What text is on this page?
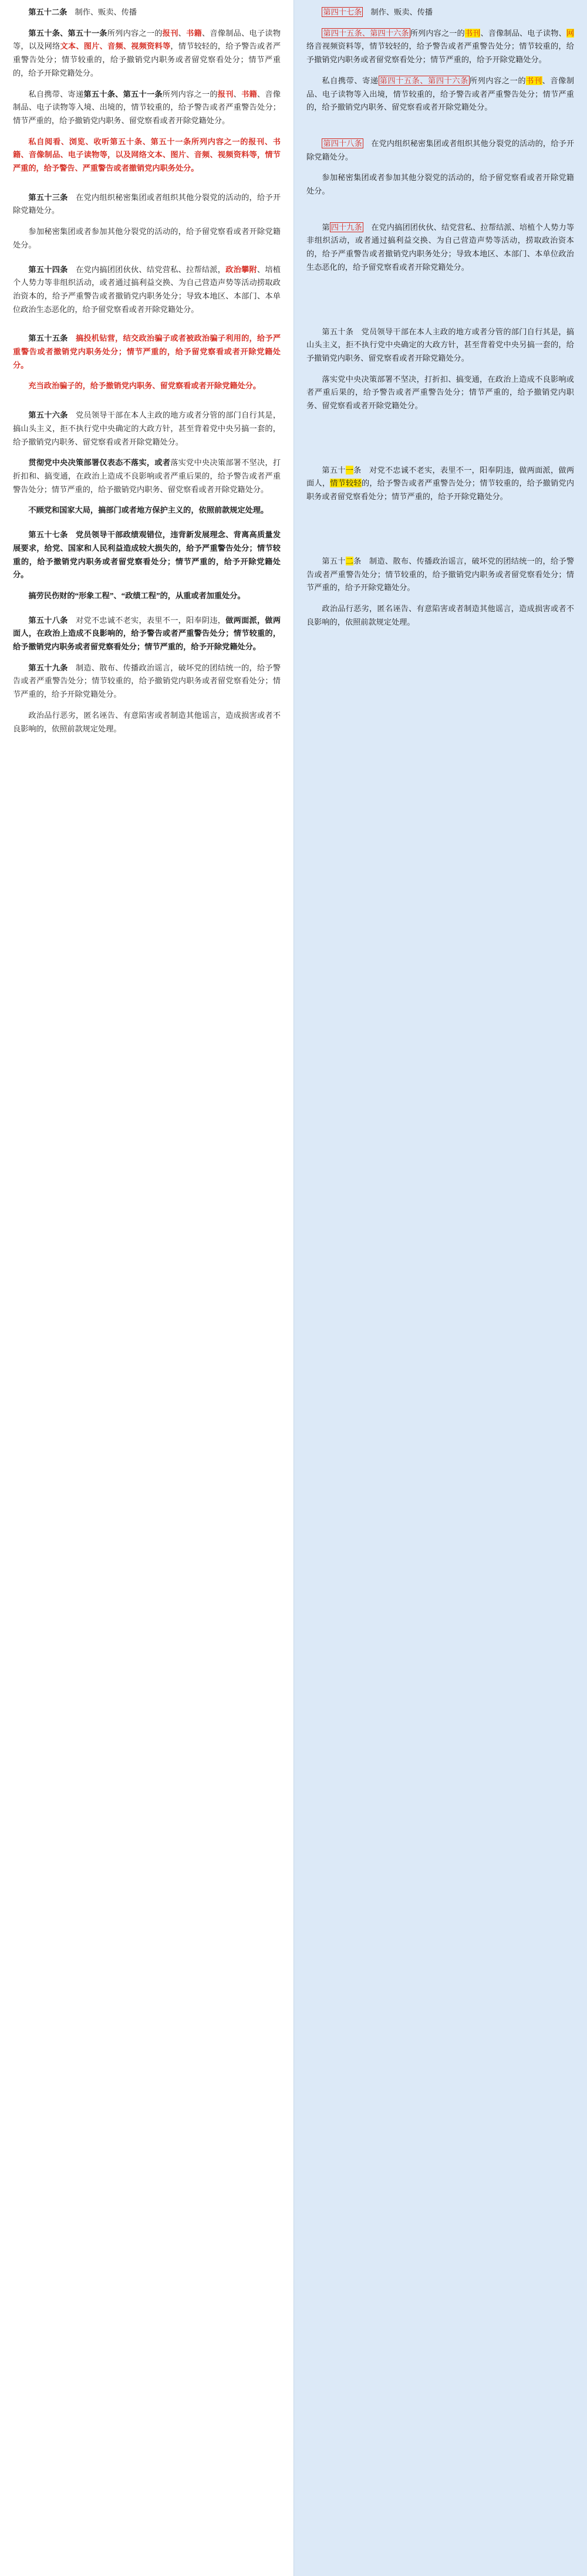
第五十二条　制作、贩卖、传播

第五十条、第五十一条所列内容之一的报刊、书籍、音像制品、电子读物等，以及网络文本、图片、音频、视频资料等，情节较轻的，给予警告或者严重警告处分；情节较重的，给予撤销党内职务或者留党察看处分；情节严重的，给予开除党籍处分。

私自携带、寄递第五十条、第五十一条所列内容之一的报刊、书籍、音像制品、电子读物等入境、出境的，情节较重的，给予警告或者严重警告处分；情节严重的，给予撤销党内职务、留党察看或者开除党籍处分。

私自阅看、浏览、收听第五十条、第五十一条所列内容之一的报刊、书籍、音像制品、电子读物等，以及网络文本、图片、音频、视频资料等，情节严重的，给予警告、严重警告或者撤销党内职务处分。

第五十三条　在党内组织秘密集团或者组织其他分裂党的活动的，给予开除党籍处分。

参加秘密集团或者参加其他分裂党的活动的，给予留党察看或者开除党籍处分。

第五十四条　在党内搞团团伙伙、结党营私、拉帮结派，政治攀附、培植个人势力等非组织活动，或者通过搞利益交换、为自己营造声势等活动捞取政治资本的，给予严重警告或者撤销党内职务处分；导致本地区、本部门、本单位政治生态恶化的，给予留党察看或者开除党籍处分。

第五十五条　搞投机钻营，结交政治骗子或者被政治骗子利用的，给予严重警告或者撤销党内职务处分；情节严重的，给予留党察看或者开除党籍处分。

充当政治骗子的，给予撤销党内职务、留党察看或者开除党籍处分。

第五十六条　党员领导干部在本人主政的地方或者分管的部门自行其是，搞山头主义，拒不执行党中央确定的大政方针，甚至背着党中央另搞一套的，给予撤销党内职务、留党察看或者开除党籍处分。

贯彻党中央决策部署仅表态不落实，或者落实党中央决策部署不坚决，打折扣和、搞变通，在政治上造成不良影响或者严重后果的，给予警告或者严重警告处分；情节严重的，给予撤销党内职务、留党察看或者开除党籍处分。

不顾党和国家大局，搞部门或者地方保护主义的，依照前款规定处理。

第五十七条　党员领导干部政绩观错位，违背新发展理念、背离高质量发展要求，给党、国家和人民利益造成较大损失的，给予严重警告处分；情节较重的，给予撤销党内职务或者留党察看处分；情节严重的，给予开除党籍处分。

搞劳民伤财的“形象工程”、“政绩工程”的，从重或者加重处分。

第五十八条　对党不忠诚不老实，表里不一，阳奉阴违，做两面派，做两面人，在政治上造成不良影响的，给予警告或者严重警告处分；情节较重的，给予撤销党内职务或者留党察看处分；情节严重的，给予开除党籍处分。

第五十九条　制造、散布、传播政治谣言，破坏党的团结统一的，给予警告或者严重警告处分；情节较重的，给予撤销党内职务或者留党察看处分；情节严重的，给予开除党籍处分。

政治品行恶劣，匿名诬告、有意陷害或者制造其他谣言，造成损害或者不良影响的，依照前款规定处理。

第四十七条　制作、贩卖、传播

第四十五条、第四十六条 所列内容之一的书刊、音像制品、电子读物、网络音视频资料等，情节较轻的，给予警告或者严重警告处分；情节较重的，给予撤销党内职务或者留党察看处分；情节严重的，给予开除党籍处分。

私自携带、寄递 第四十五条、第四十六条 所列内容之一的书刊、音像制品、电子读物等入出境，情节较重的，给予警告或者严重警告处分；情节严重的，给予撤销党内职务、留党察看或者开除党籍处分。

第四十八条　在党内组织秘密集团或者组织其他分裂党的活动的，给予开除党籍处分。

参加秘密集团或者参加其他分裂党的活动的，给予留党察看或者开除党籍处分。

第 四十九条　在党内搞团团伙伙、结党营私、拉帮结派、培植个人势力等非组织活动，或者通过搞利益交换、为自己营造声势等活动，捞取政治资本的，给予严重警告或者撤销党内职务处分；导致本地区、本部门、本单位政治生态恶化的，给予留党察看或者开除党籍处分。

第五十条　党员领导干部在本人主政的地方或者分管的部门自行其是，搞山头主义，拒不执行党中央确定的大政方针，甚至背着党中央另搞一套的，给予撤销党内职务、留党察看或者开除党籍处分。

落实党中央决策部署不坚决，打折扣、搞变通，在政治上造成不良影响或者严重后果的，给予警告或者严重警告处分；情节严重的，给予撤销党内职务、留党察看或者开除党籍处分。

第五十一条　对党不忠诚不老实，表里不一，阳奉阴违，做两面派，做两面人，情节较轻的，给予警告或者严重警告处分；情节较重的，给予撤销党内职务或者留党察看处分；情节严重的，给予开除党籍处分。

第五十二条　制造、散布、传播政治谣言，破坏党的团结统一的，给予警告或者严重警告处分；情节较重的，给予撤销党内职务或者留党察看处分；情节严重的，给予开除党籍处分。

政治品行恶劣，匿名诬告、有意陷害或者制造其他谣言，造成损害或者不良影响的，依照前款规定处理。
